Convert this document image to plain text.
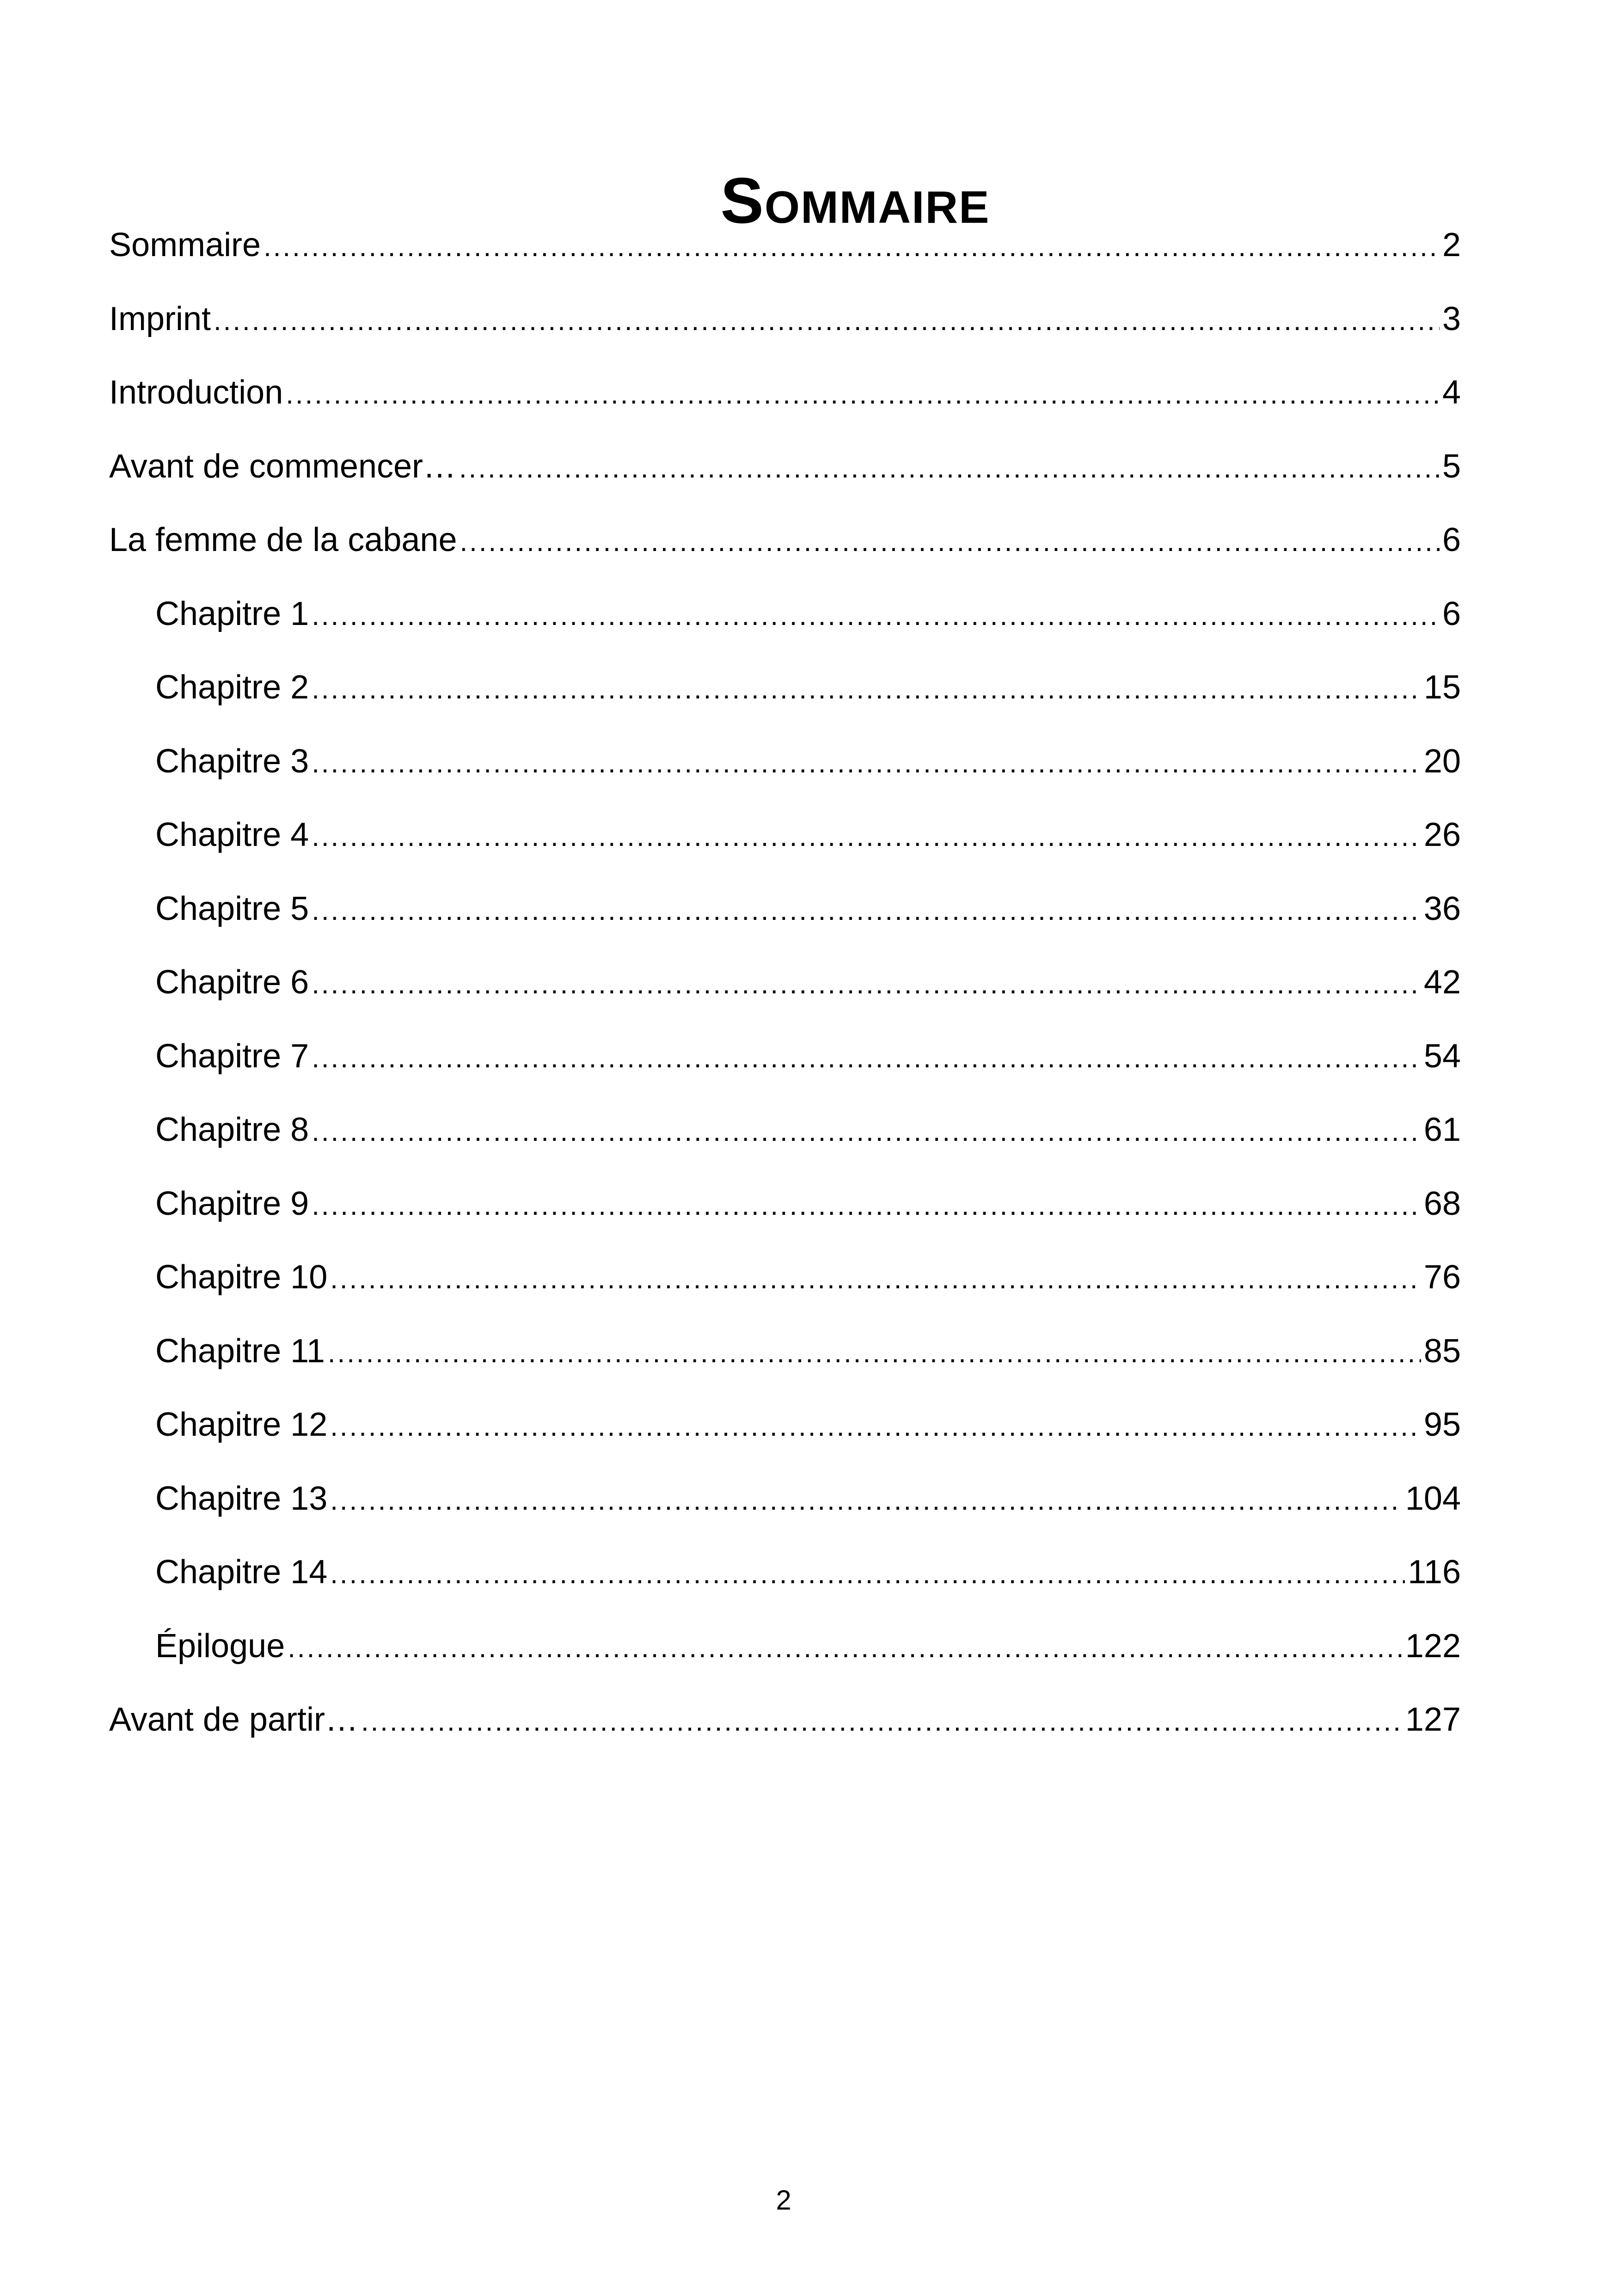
Sommaire
Sommaire .....	2
Imprint .....	3
Introduction .....	4
Avant de commencer… .....	5
La femme de la cabane .....	6
Chapitre 1 .....	6
Chapitre 2 .....	15
Chapitre 3 .....	20
Chapitre 4 .....	26
Chapitre 5 .....	36
Chapitre 6 .....	42
Chapitre 7 .....	54
Chapitre 8 .....	61
Chapitre 9 .....	68
Chapitre 10 .....	76
Chapitre 11 .....	85
Chapitre 12 .....	95
Chapitre 13 .....	104
Chapitre 14 .....	116
Épilogue .....	122
Avant de partir… .....	127
2
